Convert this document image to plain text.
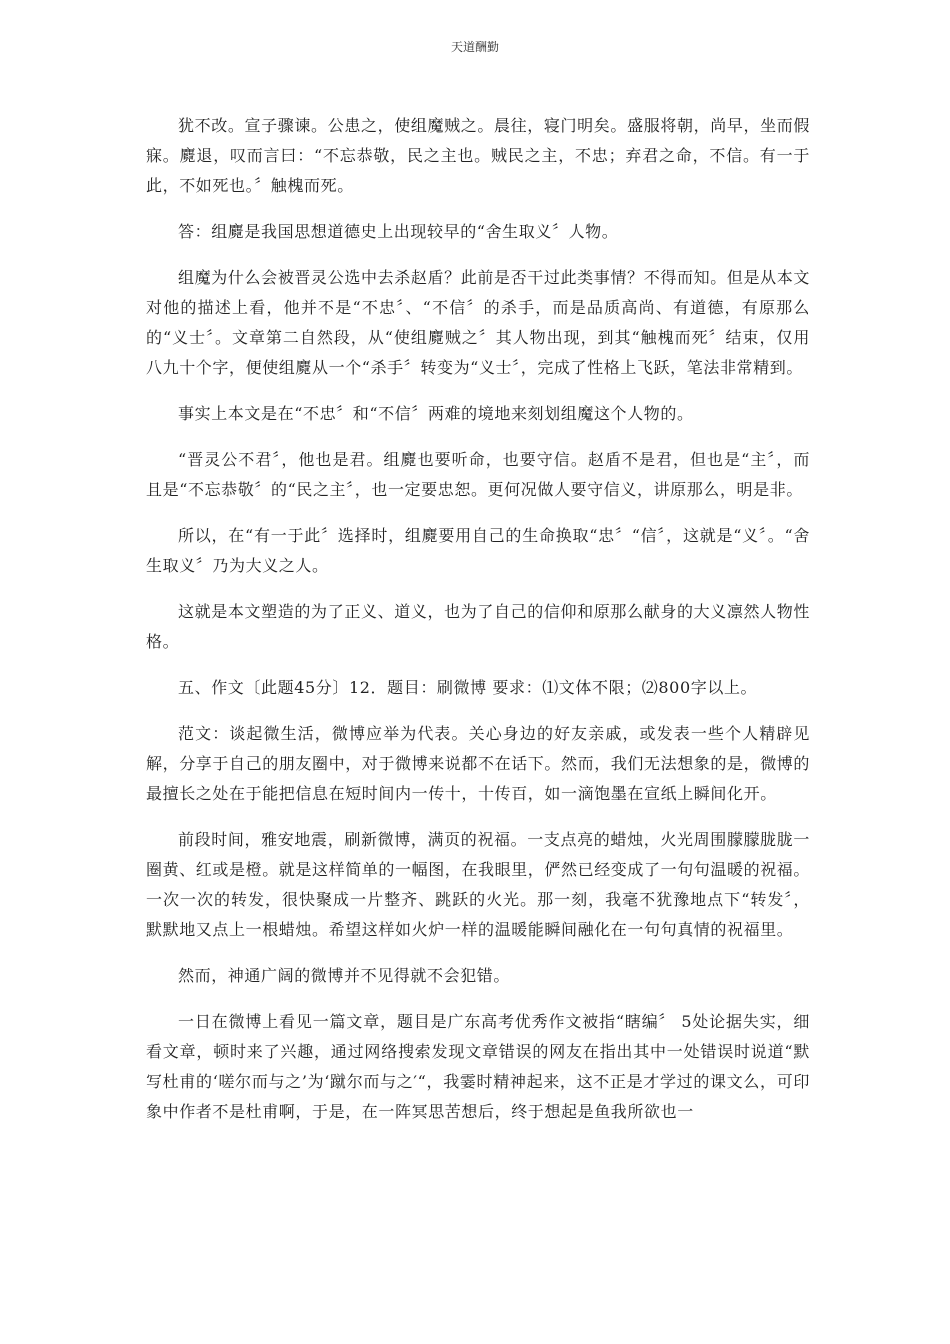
天道酬勤

犹不改。宣子骤谏。公患之，使组魔贼之。晨往，寝门明矣。盛服将朝，尚早，坐而假寐。麑退，叹而言曰：“不忘恭敬，民之主也。贼民之主，不忠；弃君之命，不信。有一于此，不如死也。〞触槐而死。

答：组麑是我国思想道德史上出现较早的“舍生取义〞人物。

组魔为什么会被晋灵公选中去杀赵盾？此前是否干过此类事情？不得而知。但是从本文对他的描述上看，他并不是“不忠〞、“不信〞的杀手，而是品质高尚、有道德，有原那么的“义士〞。文章第二自然段，从“使组麑贼之〞其人物出现，到其“触槐而死〞结束，仅用八九十个字，便使组麑从一个“杀手〞转变为“义士〞，完成了性格上飞跃，笔法非常精到。

事实上本文是在“不忠〞和“不信〞两难的境地来刻划组魔这个人物的。

“晋灵公不君〞，他也是君。组麑也要听命，也要守信。赵盾不是君，但也是“主〞，而且是“不忘恭敬〞的“民之主〞，也一定要忠恕。更何况做人要守信义，讲原那么，明是非。

所以，在“有一于此〞选择时，组麑要用自己的生命换取“忠〞“信〞，这就是“义〞。“舍生取义〞乃为大义之人。

这就是本文塑造的为了正义、道义，也为了自己的信仰和原那么献身的大义凛然人物性格。

五、作文〔此题45分〕12．题目：刷微博 要求：⑴文体不限；⑵800字以上。

范文：谈起微生活，微博应举为代表。关心身边的好友亲戚，或发表一些个人精辟见解，分享于自己的朋友圈中，对于微博来说都不在话下。然而，我们无法想象的是，微博的最擅长之处在于能把信息在短时间内一传十，十传百，如一滴饱墨在宣纸上瞬间化开。

前段时间，雅安地震，刷新微博，满页的祝福。一支点亮的蜡烛，火光周围朦朦胧胧一圈黄、红或是橙。就是这样简单的一幅图，在我眼里，俨然已经变成了一句句温暖的祝福。一次一次的转发，很快聚成一片整齐、跳跃的火光。那一刻，我毫不犹豫地点下“转发〞，默默地又点上一根蜡烛。希望这样如火炉一样的温暖能瞬间融化在一句句真情的祝福里。

然而，神通广阔的微博并不见得就不会犯错。

一日在微博上看见一篇文章，题目是广东高考优秀作文被指“瞎编〞 5处论据失实，细看文章，顿时来了兴趣，通过网络搜索发现文章错误的网友在指出其中一处错误时说道“默写杜甫的‘嗟尔而与之’为‘蹴尔而与之′“，我霎时精神起来，这不正是才学过的课文么，可印象中作者不是杜甫啊，于是，在一阵冥思苦想后，终于想起是鱼我所欲也一
